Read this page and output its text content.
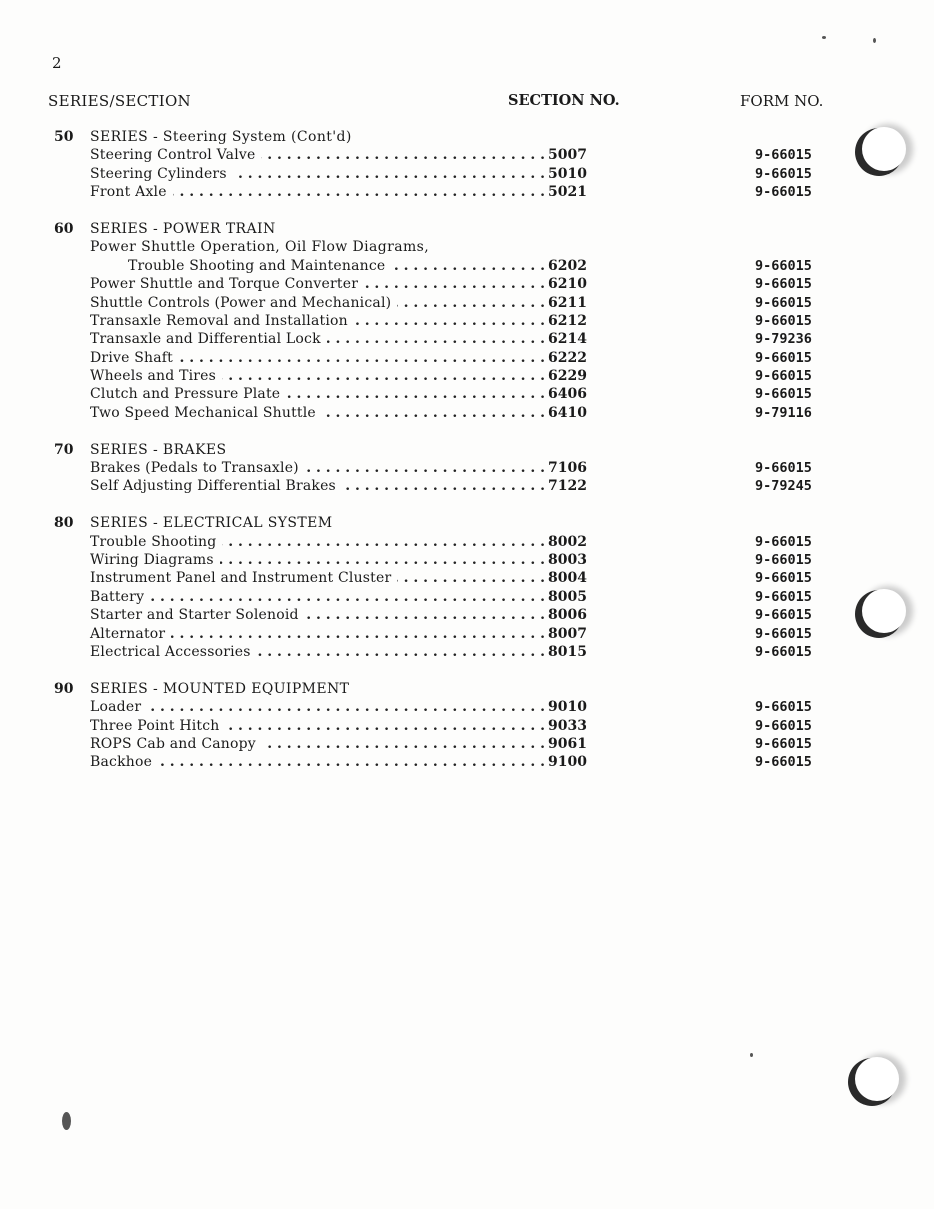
2
SERIES/SECTION	SECTION NO.	FORM NO.
50 SERIES - Steering System (Cont'd)
Steering Control Valve
. . .	5007	9-66015
Steering Cylinders
. . .	5010	9-66015
Front Axle
. . .	5021	9-66015
60 SERIES - POWER TRAIN
Power Shuttle Operation, Oil Flow Diagrams,
Trouble Shooting and Maintenance
. . .	6202	9-66015
Power Shuttle and Torque Converter
. . .	6210	9-66015
Shuttle Controls (Power and Mechanical)
. . .	6211	9-66015
Transaxle Removal and Installation
. . .	6212	9-66015
Transaxle and Differential Lock
. . .	6214	9-79236
Drive Shaft
. . .	6222	9-66015
Wheels and Tires
. . .	6229	9-66015
Clutch and Pressure Plate
. . .	6406	9-66015
Two Speed Mechanical Shuttle
. . .	6410	9-79116
70 SERIES - BRAKES
Brakes (Pedals to Transaxle)
. . .	7106	9-66015
Self Adjusting Differential Brakes
. . .	7122	9-79245
80 SERIES - ELECTRICAL SYSTEM
Trouble Shooting
. . .	8002	9-66015
Wiring Diagrams
. . .	8003	9-66015
Instrument Panel and Instrument Cluster
. . .	8004	9-66015
Battery
. . .	8005	9-66015
Starter and Starter Solenoid
. . .	8006	9-66015
Alternator
. . .	8007	9-66015
Electrical Accessories
. . .	8015	9-66015
90 SERIES - MOUNTED EQUIPMENT
Loader
. . .	9010	9-66015
Three Point Hitch
. . .	9033	9-66015
ROPS Cab and Canopy
. . .	9061	9-66015
Backhoe
. . .	9100	9-66015
